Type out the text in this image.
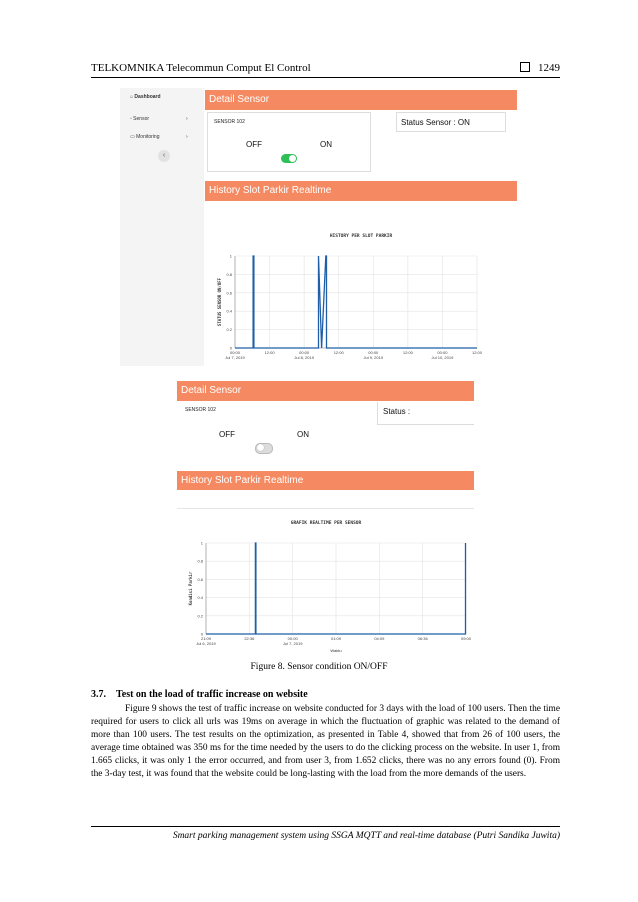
TELKOMNIKA Telecommun Comput El Control	1249
⌂ Dashboard
▫ Sensor	›
▭ Monitoring	›
‹
Detail Sensor
SENSOR 102
OFF	ON
Status Sensor : ON
History Slot Parkir Realtime
HISTORY PER SLOT PARKIR
0
0.2
0.4
0.6
0.8
1
00:00
Jul 7, 2019
12:00	00:00
Jul 8, 2019
12:00	00:00
Jul 9, 2019
12:00	00:00
Jul 10, 2019
12:00
STATUS SENSOR ON/OFF
Detail Sensor
SENSOR 102
OFF	ON
Status :
History Slot Parkir Realtime
GRAFIK REALTIME PER SENSOR
0
0.2
0.4
0.6
0.8
1
21:09
Jul 6, 2019
22:36	00:00
Jul 7, 2019
01:09	04:09	06:36	09:00
Kondisi Parkir
Waktu
Figure 8. Sensor condition ON/OFF
3.7. Test on the load of traffic increase on website
Figure 9 shows the test of traffic increase on website conducted for 3 days with the load of 100 users. Then the time required for users to click all urls was 19ms on average in which the fluctuation of graphic was related to the demand of more than 100 users. The test results on the optimization, as presented in Table 4, showed that from 26 of 100 users, the average time obtained was 350 ms for the time needed by the users to do the clicking process on the website. In user 1, from 1.665 clicks, it was only 1 the error occurred, and from user 3, from 1.652 clicks, there was no any errors found (0). From the 3-day test, it was found that the website could be long-lasting with the load from the more demands of the users.
Smart parking management system using SSGA MQTT and real-time database (Putri Sandika Juwita)
